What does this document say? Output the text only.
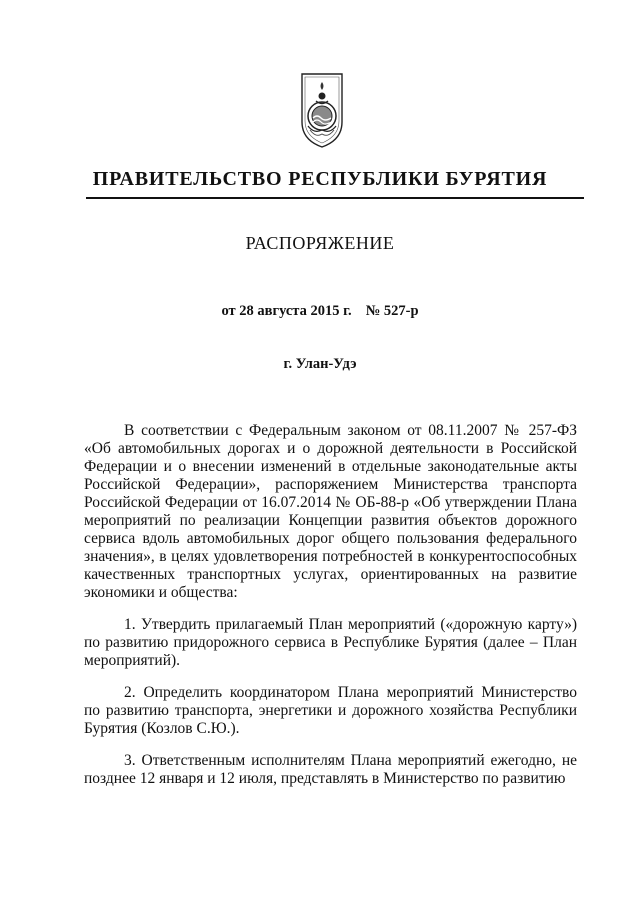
ПРАВИТЕЛЬСТВО РЕСПУБЛИКИ БУРЯТИЯ
РАСПОРЯЖЕНИЕ
от 28 августа 2015 г. № 527-р
г. Улан-Удэ

В соответствии с Федеральным законом от 08.11.2007 № 257-ФЗ «Об автомобильных дорогах и о дорожной деятельности в Российской Федерации и о внесении изменений в отдельные законодательные акты Российской Федерации», распоряжением Министерства транспорта Российской Федерации от 16.07.2014 № ОБ-88-р «Об утверждении Плана мероприятий по реализации Концепции развития объектов дорожного сервиса вдоль автомобильных дорог общего пользования федерального значения», в целях удовлетворения потребностей в конкурентоспособных качественных транспортных услугах, ориентированных на развитие экономики и общества:

1. Утвердить прилагаемый План мероприятий («дорожную карту») по развитию придорожного сервиса в Республике Бурятия (далее – План мероприятий).

2. Определить координатором Плана мероприятий Министерство по развитию транспорта, энергетики и дорожного хозяйства Республики Бурятия (Козлов С.Ю.).

3. Ответственным исполнителям Плана мероприятий ежегодно, не позднее 12 января и 12 июля, представлять в Министерство по развитию
